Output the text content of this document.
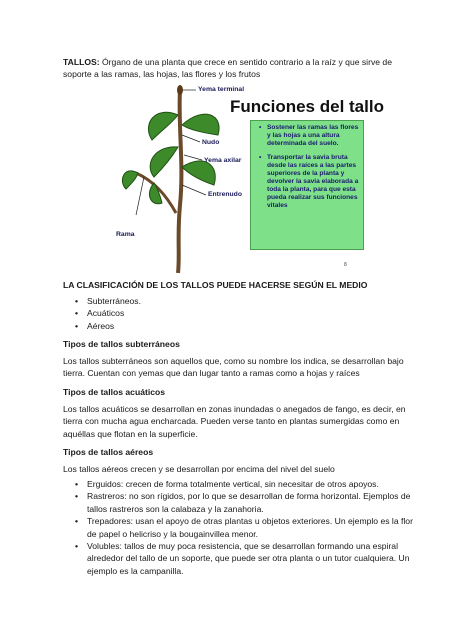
TALLOS: Órgano de una planta que crece en sentido contrario a la raíz y que sirve de soporte a las ramas, las hojas, las flores y los frutos
Yema terminal
Nudo
Yema axilar
Entrenudo
Rama
Funciones del tallo
• Sostener las ramas las flores y las hojas a una altura determinada del suelo.
• Transportar la savia bruta desde las raíces a las partes superiores de la planta y devolver la savia elaborada a toda la planta, para que esta pueda realizar sus funciones vitales
8
LA CLASIFICACIÓN DE LOS TALLOS PUEDE HACERSE SEGÚN EL MEDIO
• Subterráneos.
• Acuáticos
• Aéreos
Tipos de tallos subterráneos
Los tallos subterráneos son aquellos que, como su nombre los indica, se desarrollan bajo tierra. Cuentan con yemas que dan lugar tanto a ramas como a hojas y raíces
Tipos de tallos acuáticos
Los tallos acuáticos se desarrollan en zonas inundadas o anegados de fango, es decir, en tierra con mucha agua encharcada. Pueden verse tanto en plantas sumergidas como en aquéllas que flotan en la superficie.
Tipos de tallos aéreos
Los tallos aéreos crecen y se desarrollan por encima del nivel del suelo
• Erguidos: crecen de forma totalmente vertical, sin necesitar de otros apoyos.
• Rastreros: no son rígidos, por lo que se desarrollan de forma horizontal. Ejemplos de tallos rastreros son la calabaza y la zanahoria.
• Trepadores: usan el apoyo de otras plantas u objetos exteriores. Un ejemplo es la flor de papel o helicriso y la bougainvillea menor.
• Volubles: tallos de muy poca resistencia, que se desarrollan formando una espiral alrededor del tallo de un soporte, que puede ser otra planta o un tutor cualquiera. Un ejemplo es la campanilla.
